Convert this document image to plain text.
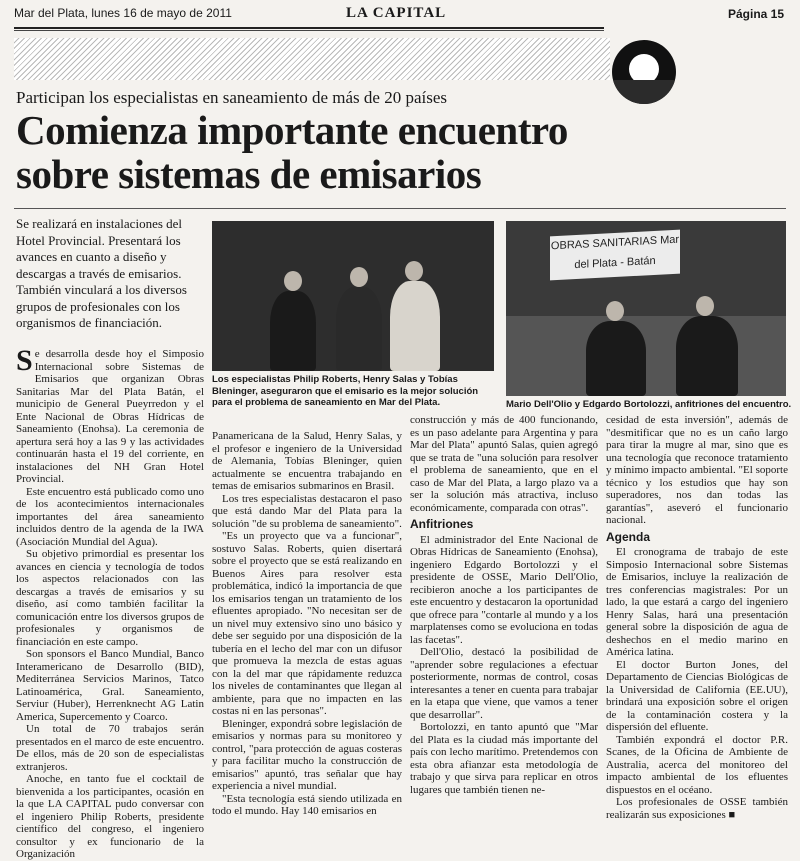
Mar del Plata, lunes 16 de mayo de 2011	LA CAPITAL	Página 15
Participan los especialistas en saneamiento de más de 20 países
Comienza importante encuentro
sobre sistemas de emisarios
Se realizará en instalaciones del Hotel Provincial. Presentará los avances en cuanto a diseño y descargas a través de emisarios. También vinculará a los diversos grupos de profesionales con los organismos de financiación.
OBRAS SANITARIAS Mar del Plata - Batán
Los especialistas Philip Roberts, Henry Salas y Tobías Bleninger, aseguraron que el emisario es la mejor solución para el problema de saneamiento en Mar del Plata.	Mario Dell'Olio y Edgardo Bortolozzi, anfitriones del encuentro.

Se desarrolla desde hoy el Simposio Internacional sobre Sistemas de Emisarios que organizan Obras Sanitarias Mar del Plata Batán, el municipio de General Pueyrredon y el Ente Nacional de Obras Hídricas de Saneamiento (Enohsa). La ceremonia de apertura será hoy a las 9 y las actividades continuarán hasta el 19 del corriente, en instalaciones del NH Gran Hotel Provincial.

Este encuentro está publicado como uno de los acontecimientos internacionales importantes del área saneamiento incluidos dentro de la agenda de la IWA (Asociación Mundial del Agua).

Su objetivo primordial es presentar los avances en ciencia y tecnología de todos los aspectos relacionados con las descargas a través de emisarios y su diseño, así como también facilitar la comunicación entre los diversos grupos de profesionales y organismos de financiación en este campo.

Son sponsors el Banco Mundial, Banco Interamericano de Desarrollo (BID), Mediterránea Servicios Marinos, Tatco Latinoamérica, Gral. Saneamiento, Serviur (Huber), Herrenknecht AG Latin America, Supercemento y Coarco.

Un total de 70 trabajos serán presentados en el marco de este encuentro. De ellos, más de 20 son de especialistas extranjeros.

Anoche, en tanto fue el cocktail de bienvenida a los participantes, ocasión en la que LA CAPITAL pudo conversar con el ingeniero Philip Roberts, presidente científico del congreso, el ingeniero consultor y ex funcionario de la Organización

Panamericana de la Salud, Henry Salas, y el profesor e ingeniero de la Universidad de Alemania, Tobías Bleninger, quien actualmente se encuentra trabajando en temas de emisarios submarinos en Brasil.

Los tres especialistas destacaron el paso que está dando Mar del Plata para la solución "de su problema de saneamiento".

"Es un proyecto que va a funcionar", sostuvo Salas. Roberts, quien disertará sobre el proyecto que se está realizando en Buenos Aires para resolver esta problemática, indicó la importancia de que los emisarios tengan un tratamiento de los efluentes apropiado. "No necesitan ser de un nivel muy extensivo sino uno básico y debe ser seguido por una disposición de la tubería en el lecho del mar con un difusor que promueva la mezcla de estas aguas con la del mar que rápidamente reduzca los niveles de contaminantes que llegan al ambiente, para que no impacten en las costas ni en las personas".

Bleninger, expondrá sobre legislación de emisarios y normas para su monitoreo y control, "para protección de aguas costeras y para facilitar mucho la construcción de emisarios" apuntó, tras señalar que hay experiencia a nivel mundial.

"Esta tecnología está siendo utilizada en todo el mundo. Hay 140 emisarios en

construcción y más de 400 funcionando, es un paso adelante para Argentina y para Mar del Plata" apuntó Salas, quien agregó que se trata de "una solución para resolver el problema de saneamiento, que en el caso de Mar del Plata, a largo plazo va a ser la solución más atractiva, incluso económicamente, comparada con otras".

Anfitriones

El administrador del Ente Nacional de Obras Hídricas de Saneamiento (Enohsa), ingeniero Edgardo Bortolozzi y el presidente de OSSE, Mario Dell'Olio, recibieron anoche a los participantes de este encuentro y destacaron la oportunidad que ofrece para "contarle al mundo y a los marplatenses como se evoluciona en todas las facetas".

Dell'Olio, destacó la posibilidad de "aprender sobre regulaciones a efectuar posteriormente, normas de control, cosas interesantes a tener en cuenta para trabajar en la etapa que viene, que vamos a tener que desarrollar".

Bortolozzi, en tanto apuntó que "Mar del Plata es la ciudad más importante del país con lecho marítimo. Pretendemos con esta obra afianzar esta metodología de trabajo y que sirva para replicar en otros lugares que también tienen ne-

cesidad de esta inversión", además de "desmitificar que no es un caño largo para tirar la mugre al mar, sino que es una tecnología que reconoce tratamiento y mínimo impacto ambiental. "El soporte técnico y los estudios que hay son superadores, nos dan todas las garantías", aseveró el funcionario nacional.

Agenda

El cronograma de trabajo de este Simposio Internacional sobre Sistemas de Emisarios, incluye la realización de tres conferencias magistrales: Por un lado, la que estará a cargo del ingeniero Henry Salas, hará una presentación general sobre la disposición de agua de deshechos en el medio marino en América latina.

El doctor Burton Jones, del Departamento de Ciencias Biológicas de la Universidad de California (EE.UU), brindará una exposición sobre el origen de la contaminación costera y la dispersión del efluente.

También expondrá el doctor P.R. Scanes, de la Oficina de Ambiente de Australia, acerca del monitoreo del impacto ambiental de los efluentes dispuestos en el océano.

Los profesionales de OSSE también realizarán sus exposiciones ■
